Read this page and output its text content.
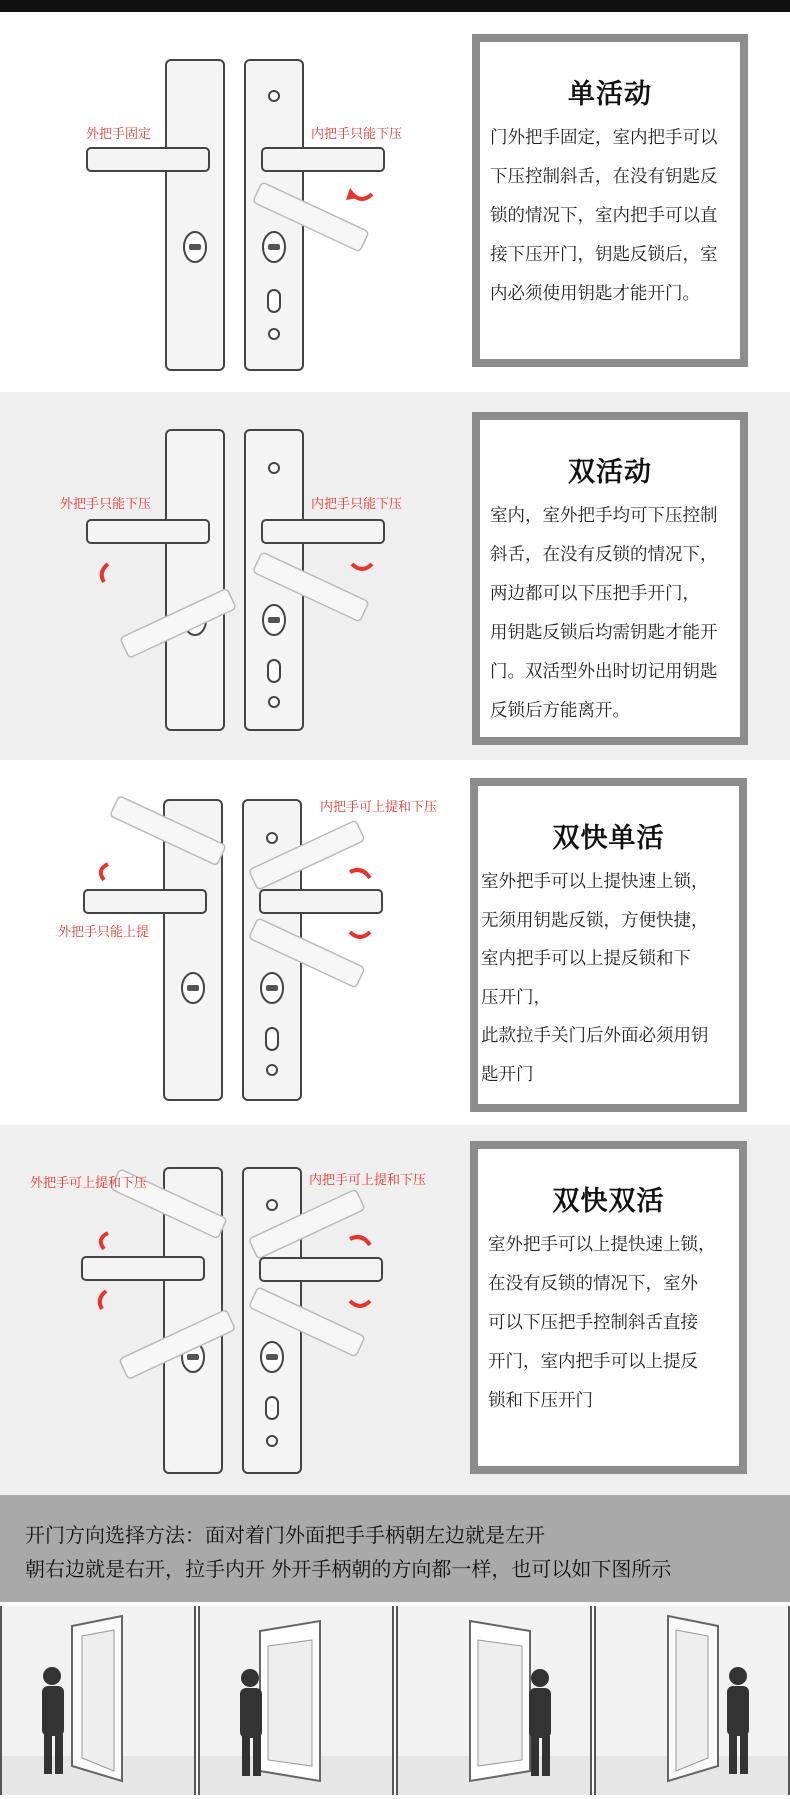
外把手固定	内把手只能下压
单活动
门外把手固定，室内把手可以
下压控制斜舌，在没有钥匙反
锁的情况下，室内把手可以直
接下压开门，钥匙反锁后，室
内必须使用钥匙才能开门。
外把手只能下压	内把手只能下压
双活动
室内，室外把手均可下压控制
斜舌，在没有反锁的情况下，
两边都可以下压把手开门，
用钥匙反锁后均需钥匙才能开
门。双活型外出时切记用钥匙
反锁后方能离开。
外把手只能上提
内把手可上提和下压
双快单活
室外把手可以上提快速上锁，
无须用钥匙反锁，方便快捷，
室内把手可以上提反锁和下
压开门，
此款拉手关门后外面必须用钥
匙开门
外把手可上提和下压	内把手可上提和下压
双快双活
室外把手可以上提快速上锁，
在没有反锁的情况下，室外
可以下压把手控制斜舌直接
开门，室内把手可以上提反
锁和下压开门

开门方向选择方法：面对着门外面把手手柄朝左边就是左开

朝右边就是右开，拉手内开 外开手柄朝的方向都一样，也可以如下图所示
